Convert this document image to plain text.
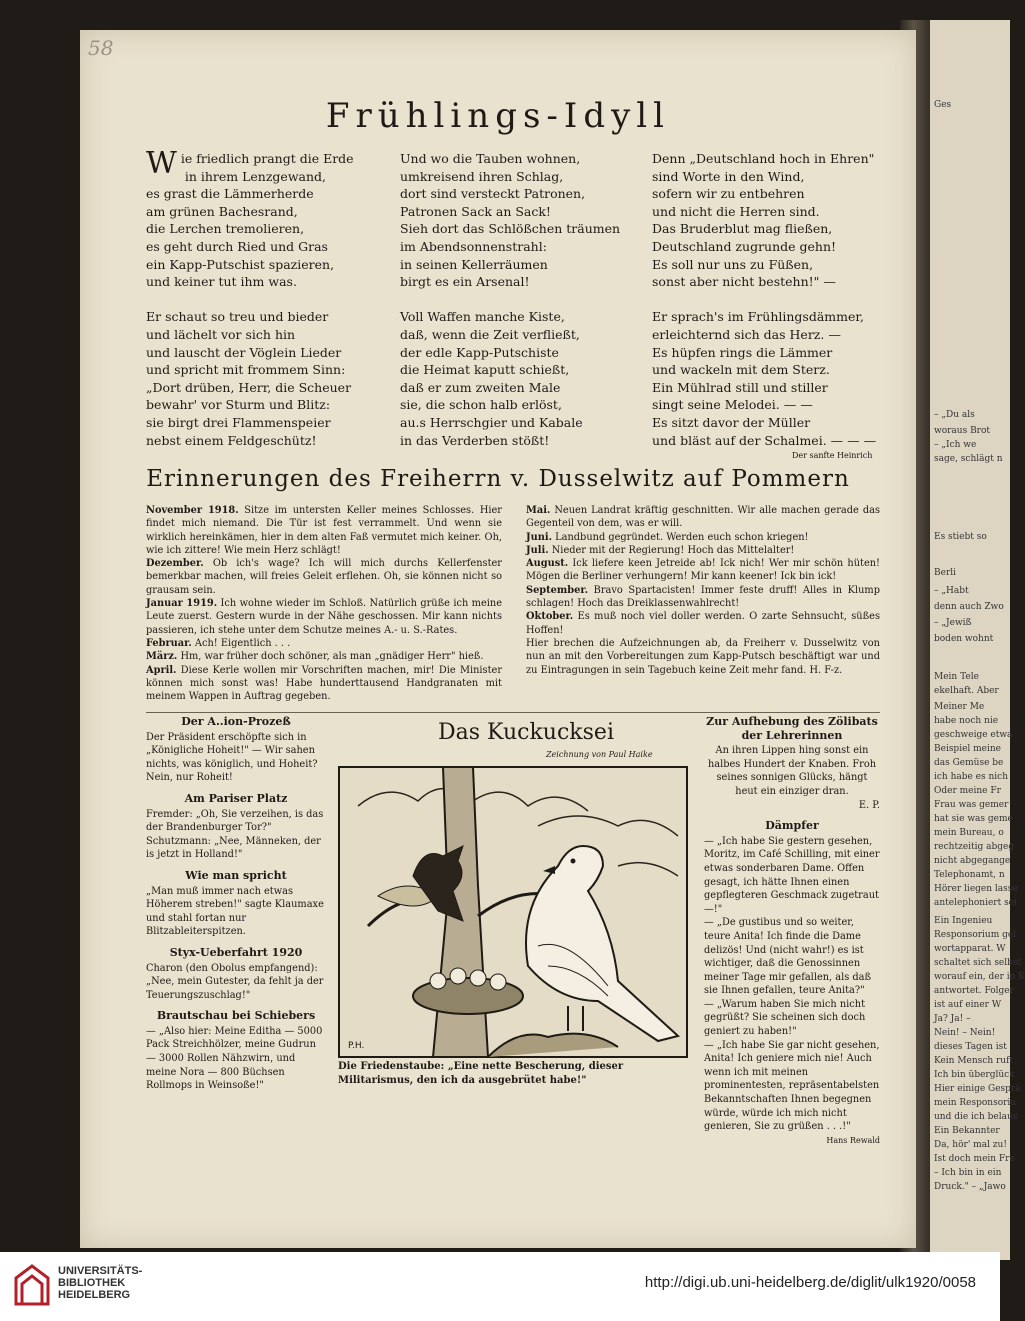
Ges
– „Du als
woraus Brot
– „Ich we
sage, schlägt n
Es stiebt so
Berli
– „Habt
denn auch Zwo
– „Jewiß
boden wohnt
Mein Tele
ekelhaft. Aber
Meiner Me
habe noch nie
geschweige etwa
Beispiel meine
das Gemüse be
ich habe es nich
Oder meine Fr
Frau was gemer
hat sie was geme
mein Bureau, o
rechtzeitig abgeg
nicht abgegange
Telephonamt, n
Hörer liegen lasse
antelephoniert sei
Ein Ingenieu
Responsorium gel
wortapparat. W
schaltet sich selbst
worauf ein, der in K
antwortet. Folger
ist auf einer W
Ja? Ja! –
Nein! – Nein!
dieses Tagen ist
Kein Mensch ruft
Ich bin überglück
Hier einige Gesprä
mein Responsoriu
und die ich belaus
Ein Bekannter
Da, hör' mal zu!
Ist doch mein Fre
– Ich bin in ein
Druck." – „Jawo
58
Frühlings-Idyll
Wie friedlich prangt die Erde
in ihrem Lenzgewand,
es grast die Lämmerherde
am grünen Bachesrand,
die Lerchen tremolieren,
es geht durch Ried und Gras
ein Kapp-Putschist spazieren,
und keiner tut ihm was.

Er schaut so treu und bieder
und lächelt vor sich hin
und lauscht der Vöglein Lieder
und spricht mit frommem Sinn:
„Dort drüben, Herr, die Scheuer
bewahr' vor Sturm und Blitz:
sie birgt drei Flammenspeier
nebst einem Feldgeschütz!
Und wo die Tauben wohnen,
umkreisend ihren Schlag,
dort sind versteckt Patronen,
Patronen Sack an Sack!
Sieh dort das Schlößchen träumen
im Abendsonnenstrahl:
in seinen Kellerräumen
birgt es ein Arsenal!

Voll Waffen manche Kiste,
daß, wenn die Zeit verfließt,
der edle Kapp-Putschiste
die Heimat kaputt schießt,
daß er zum zweiten Male
sie, die schon halb erlöst,
au.s Herrschgier und Kabale
in das Verderben stößt!
Denn „Deutschland hoch in Ehren"
sind Worte in den Wind,
sofern wir zu entbehren
und nicht die Herren sind.
Das Bruderblut mag fließen,
Deutschland zugrunde gehn!
Es soll nur uns zu Füßen,
sonst aber nicht bestehn!" —

Er sprach's im Frühlingsdämmer,
erleichternd sich das Herz. —
Es hüpfen rings die Lämmer
und wackeln mit dem Sterz.
Ein Mühlrad still und stiller
singt seine Melodei. — —
Es sitzt davor der Müller
und bläst auf der Schalmei. — — —
Der sanfte Heinrich
Erinnerungen des Freiherrn v. Dusselwitz auf Pommern

November 1918. Sitze im untersten Keller meines Schlosses. Hier findet mich niemand. Die Tür ist fest verrammelt. Und wenn sie wirklich hereinkämen, hier in dem alten Faß vermutet mich keiner. Oh, wie ich zittere! Wie mein Herz schlägt!

Dezember. Ob ich's wage? Ich will mich durchs Kellerfenster bemerkbar machen, will freies Geleit erflehen. Oh, sie können nicht so grausam sein.

Januar 1919. Ich wohne wieder im Schloß. Natürlich grüße ich meine Leute zuerst. Gestern wurde in der Nähe geschossen. Mir kann nichts passieren, ich stehe unter dem Schutze meines A.- u. S.-Rates.

Februar. Ach! Eigentlich . . .

März. Hm, war früher doch schöner, als man „gnädiger Herr" hieß.

April. Diese Kerle wollen mir Vorschriften machen, mir! Die Minister können mich sonst was! Habe hunderttausend Handgranaten mit meinem Wappen in Auftrag gegeben.

Mai. Neuen Landrat kräftig geschnitten. Wir alle machen gerade das Gegenteil von dem, was er will.

Juni. Landbund gegründet. Werden euch schon kriegen!

Juli. Nieder mit der Regierung! Hoch das Mittelalter!

August. Ick liefere keen Jetreide ab! Ick nich! Wer mir schön hüten! Mögen die Berliner verhungern! Mir kann keener! Ick bin ick!

September. Bravo Spartacisten! Immer feste druff! Alles in Klump schlagen! Hoch das Dreiklassenwahlrecht!

Oktober. Es muß noch viel doller werden. O zarte Sehnsucht, süßes Hoffen!

Hier brechen die Aufzeichnungen ab, da Freiherr v. Dusselwitz von nun an mit den Vorbereitungen zum Kapp-Putsch beschäftigt war und zu Eintragungen in sein Tagebuch keine Zeit mehr fand. H. F-z.

Der A..ion-Prozeß

Der Präsident erschöpfte sich in „Königliche Hoheit!" — Wir sahen nichts, was königlich, und Hoheit? Nein, nur Roheit!

Am Pariser Platz

Fremder: „Oh, Sie verzeihen, is das der Brandenburger Tor?" Schutzmann: „Nee, Männeken, der is jetzt in Holland!"

Wie man spricht

„Man muß immer nach etwas Höherem streben!" sagte Klaumaxe und stahl fortan nur Blitzableiterspitzen.

Styx-Ueberfahrt 1920

Charon (den Obolus empfangend): „Nee, mein Gutester, da fehlt ja der Teuerungszuschlag!"

Brautschau bei Schiebers

— „Also hier: Meine Editha — 5000 Pack Streichhölzer, meine Gudrun — 3000 Rollen Nähzwirn, und meine Nora — 800 Büchsen Rollmops in Weinsoße!"

Das Kuckucksei
Zeichnung von Paul Haike
P.H.
Die Friedenstaube: „Eine nette Bescherung, dieser Militarismus, den ich da ausgebrütet habe!"
Zur Aufhebung des Zölibats der Lehrerinnen

An ihren Lippen hing sonst ein halbes Hundert der Knaben. Froh seines sonnigen Glücks, hängt heut ein einziger dran.

E. P.

Dämpfer

— „Ich habe Sie gestern gesehen, Moritz, im Café Schilling, mit einer etwas sonderbaren Dame. Offen gesagt, ich hätte Ihnen einen gepflegteren Geschmack zugetraut —!"

— „De gustibus und so weiter, teure Anita! Ich finde die Dame delizös! Und (nicht wahr!) es ist wichtiger, daß die Genossinnen meiner Tage mir gefallen, als daß sie Ihnen gefallen, teure Anita?"

— „Warum haben Sie mich nicht gegrüßt? Sie scheinen sich doch geniert zu haben!"

— „Ich habe Sie gar nicht gesehen, Anita! Ich geniere mich nie! Auch wenn ich mit meinen prominentesten, repräsentabelsten Bekanntschaften Ihnen begegnen würde, würde ich mich nicht genieren, Sie zu grüßen . . .!"

Hans Rewald

UNIVERSITÄTS-
BIBLIOTHEK
HEIDELBERG
http://digi.ub.uni-heidelberg.de/diglit/ulk1920/0058
